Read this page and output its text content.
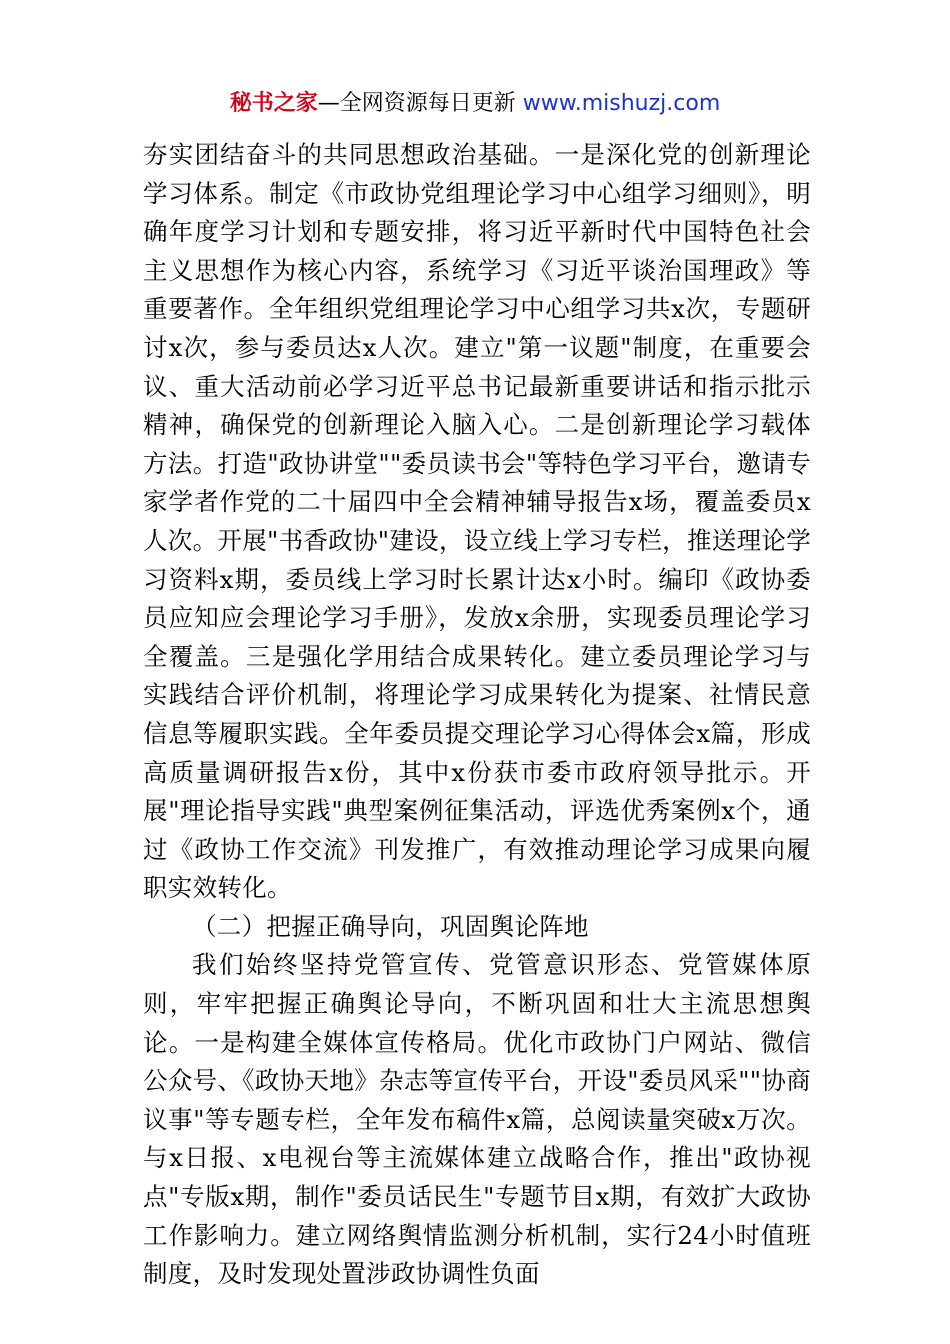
秘书之家—全网资源每日更新 www.mishuzj.com

夯实团结奋斗的共同思想政治基础。一是深化党的创新理论学习体系。制定《市政协党组理论学习中心组学习细则》，明确年度学习计划和专题安排，将习近平新时代中国特色社会主义思想作为核心内容，系统学习《习近平谈治国理政》等重要著作。全年组织党组理论学习中心组学习共x次，专题研讨x次，参与委员达x人次。建立"第一议题"制度，在重要会议、重大活动前必学习近平总书记最新重要讲话和指示批示精神，确保党的创新理论入脑入心。二是创新理论学习载体方法。打造"政协讲堂""委员读书会"等特色学习平台，邀请专家学者作党的二十届四中全会精神辅导报告x场，覆盖委员x人次。开展"书香政协"建设，设立线上学习专栏，推送理论学习资料x期，委员线上学习时长累计达x小时。编印《政协委员应知应会理论学习手册》，发放x余册，实现委员理论学习全覆盖。三是强化学用结合成果转化。建立委员理论学习与实践结合评价机制，将理论学习成果转化为提案、社情民意信息等履职实践。全年委员提交理论学习心得体会x篇，形成高质量调研报告x份，其中x份获市委市政府领导批示。开展"理论指导实践"典型案例征集活动，评选优秀案例x个，通过《政协工作交流》刊发推广，有效推动理论学习成果向履职实效转化。

（二）把握正确导向，巩固舆论阵地

我们始终坚持党管宣传、党管意识形态、党管媒体原则，牢牢把握正确舆论导向，不断巩固和壮大主流思想舆论。一是构建全媒体宣传格局。优化市政协门户网站、微信公众号、《政协天地》杂志等宣传平台，开设"委员风采""协商议事"等专题专栏，全年发布稿件x篇，总阅读量突破x万次。与x日报、x电视台等主流媒体建立战略合作，推出"政协视点"专版x期，制作"委员话民生"专题节目x期，有效扩大政协工作影响力。建立网络舆情监测分析机制，实行24小时值班制度，及时发现处置涉政协调性负面
